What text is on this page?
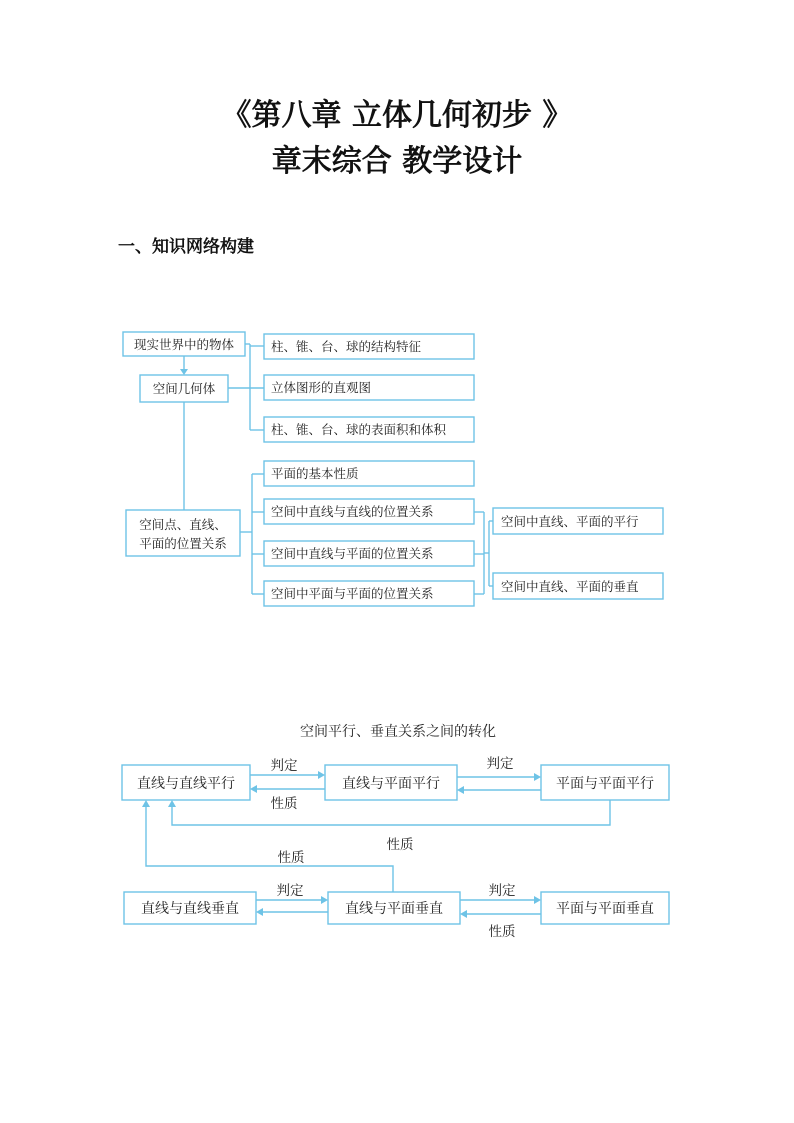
《第八章 立体几何初步 》
章末综合 教学设计
一、知识网络构建
现实世界中的物体
空间几何体
空间点、直线、
平面的位置关系
柱、锥、台、球的结构特征
立体图形的直观图
柱、锥、台、球的表面积和体积
平面的基本性质
空间中直线与直线的位置关系
空间中直线与平面的位置关系
空间中平面与平面的位置关系
空间中直线、平面的平行
空间中直线、平面的垂直
空间平行、垂直关系之间的转化
直线与直线平行	直线与平面平行	平面与平面平行
判定
性质
判定
性质
性质
直线与直线垂直	直线与平面垂直	平面与平面垂直
判定	判定
性质
